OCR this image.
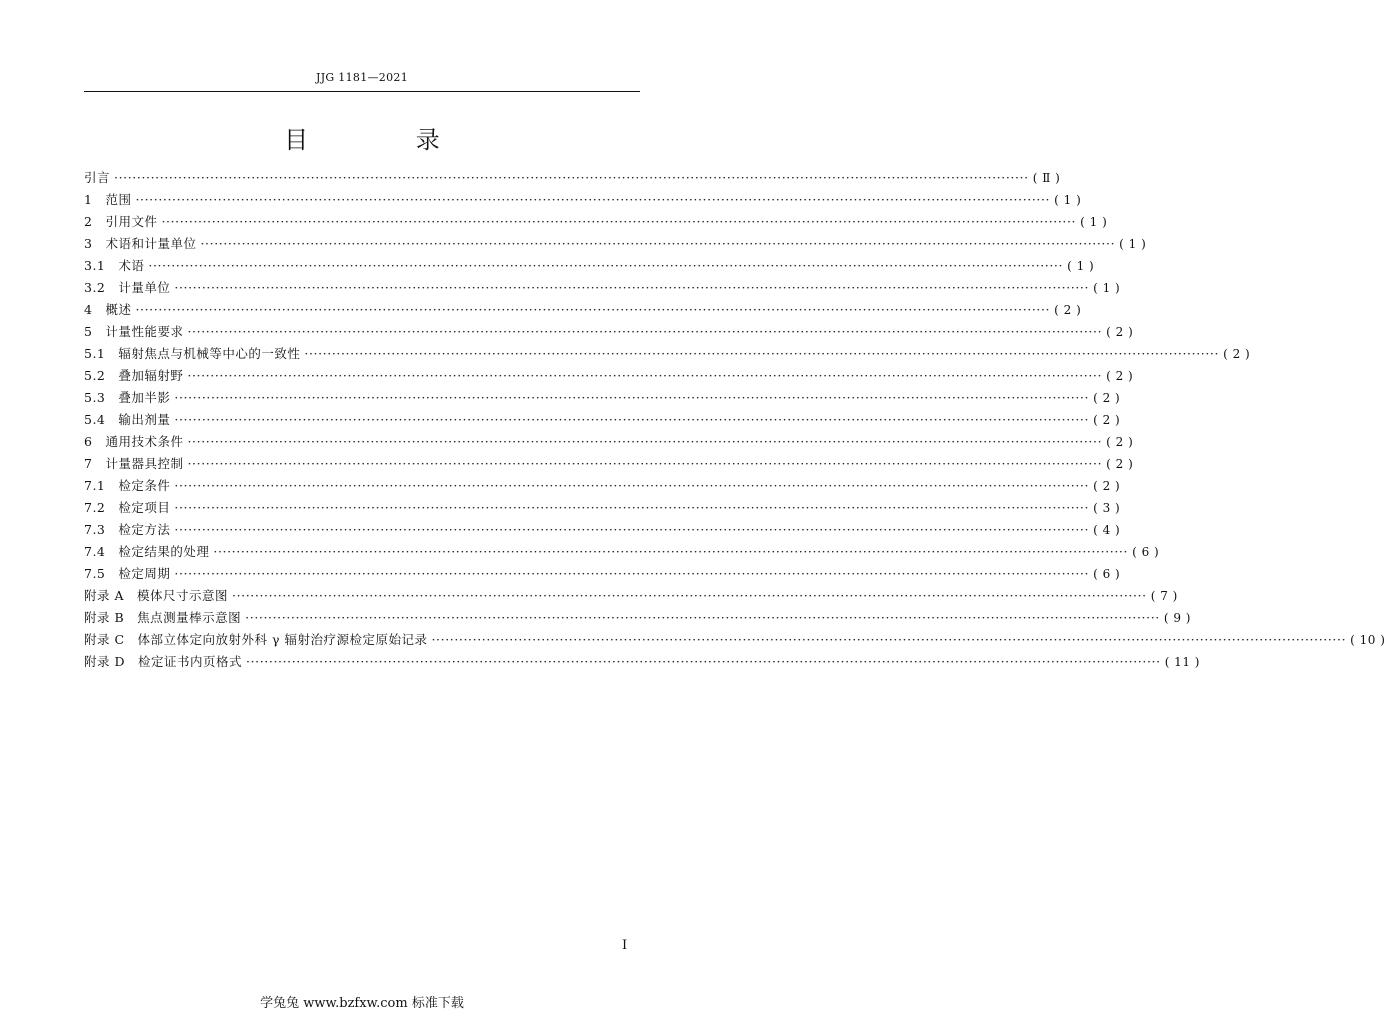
JJG 1181—2021
目 录
引言 ········································································································································································································ ( Ⅱ )
1　范围 ········································································································································································································ ( 1 )
2　引用文件 ········································································································································································································ ( 1 )
3　术语和计量单位 ········································································································································································································ ( 1 )
3.1　术语 ········································································································································································································ ( 1 )
3.2　计量单位 ········································································································································································································ ( 1 )
4　概述 ········································································································································································································ ( 2 )
5　计量性能要求 ········································································································································································································ ( 2 )
5.1　辐射焦点与机械等中心的一致性 ········································································································································································································ ( 2 )
5.2　叠加辐射野 ········································································································································································································ ( 2 )
5.3　叠加半影 ········································································································································································································ ( 2 )
5.4　输出剂量 ········································································································································································································ ( 2 )
6　通用技术条件 ········································································································································································································ ( 2 )
7　计量器具控制 ········································································································································································································ ( 2 )
7.1　检定条件 ········································································································································································································ ( 2 )
7.2　检定项目 ········································································································································································································ ( 3 )
7.3　检定方法 ········································································································································································································ ( 4 )
7.4　检定结果的处理 ········································································································································································································ ( 6 )
7.5　检定周期 ········································································································································································································ ( 6 )
附录 A　模体尺寸示意图 ········································································································································································································ ( 7 )
附录 B　焦点测量棒示意图 ········································································································································································································ ( 9 )
附录 C　体部立体定向放射外科 γ 辐射治疗源检定原始记录 ········································································································································································································ ( 10 )
附录 D　检定证书内页格式 ········································································································································································································ ( 11 )
I
学兔兔 www.bzfxw.com 标准下载
